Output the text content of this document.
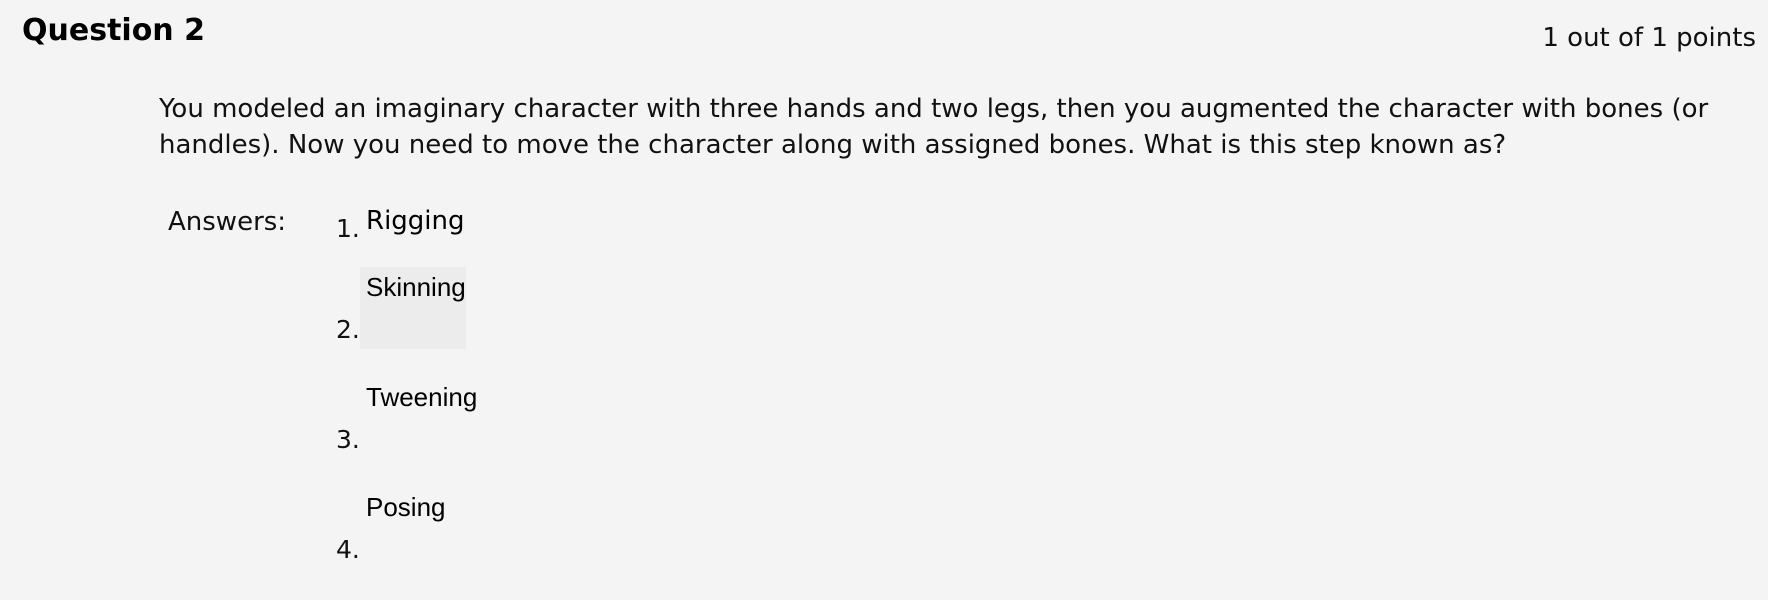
Question 2	1 out of 1 points

You modeled an imaginary character with three hands and two legs, then you augmented the character with bones (or handles). Now you need to move the character along with assigned bones. What is this step known as?

Answers: 1. Rigging
2.
Skinning
3.
Tweening
4.
Posing
